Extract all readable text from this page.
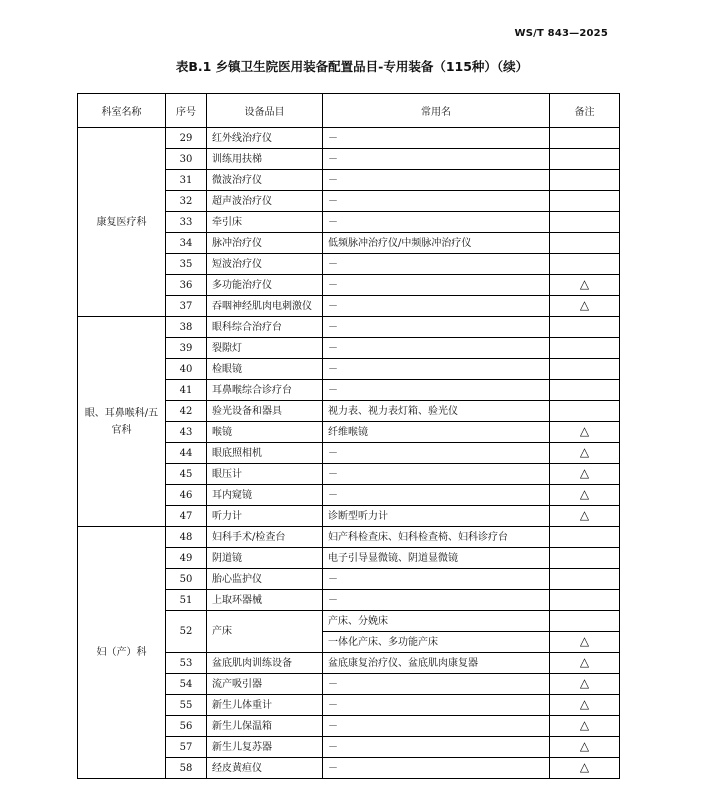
WS/T 843—2025
表B.1 乡镇卫生院医用装备配置品目-专用装备（115种）（续）
科室名称	序号	设备品目	常用名	备注
康复医疗科	29	红外线治疗仪	－	
	30	训练用扶梯	－	
	31	微波治疗仪	－	
	32	超声波治疗仪	－	
	33	牵引床	－	
	34	脉冲治疗仪	低频脉冲治疗仪/中频脉冲治疗仪	
	35	短波治疗仪	－	
	36	多功能治疗仪	－	△
	37	吞咽神经肌肉电刺激仪	－	△
眼、耳鼻喉科/五官科	38	眼科综合治疗台	－	
	39	裂隙灯	－	
	40	检眼镜	－	
	41	耳鼻喉综合诊疗台	－	
	42	验光设备和器具	视力表、视力表灯箱、验光仪	
	43	喉镜	纤维喉镜	△
	44	眼底照相机	－	△
	45	眼压计	－	△
	46	耳内窥镜	－	△
	47	听力计	诊断型听力计	△
妇（产）科	48	妇科手术/检查台	妇产科检查床、妇科检查椅、妇科诊疗台	
	49	阴道镜	电子引导显微镜、阴道显微镜	
	50	胎心监护仪	－	
	51	上取环器械	－	
	52	产床	产床、分娩床	
			一体化产床、多功能产床	△
	53	盆底肌肉训练设备	盆底康复治疗仪、盆底肌肉康复器	△
	54	流产吸引器	－	△
	55	新生儿体重计	－	△
	56	新生儿保温箱	－	△
	57	新生儿复苏器	－	△
	58	经皮黄疸仪	－	△
